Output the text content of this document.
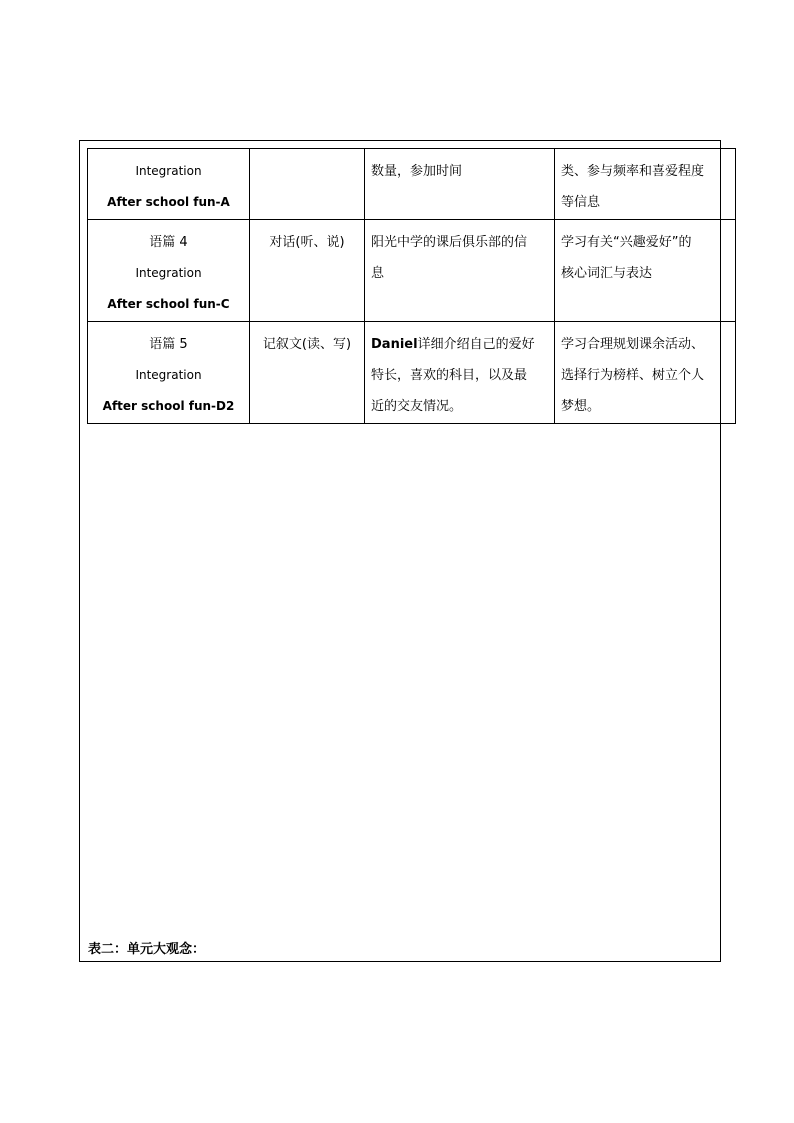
Integration
After school fun-A		数量，参加时间	类、参与频率和喜爱程度
等信息

语篇 4
Integration
After school fun-C	对话(听、说)	阳光中学的课后俱乐部的信
息	学习有关“兴趣爱好”的
核心词汇与表达

语篇 5
Integration
After school fun-D2	记叙文(读、写)	Daniel详细介绍自己的爱好
特长，喜欢的科目，以及最
近的交友情况。	学习合理规划课余活动、
选择行为榜样、树立个人
梦想。
表二：单元大观念：
